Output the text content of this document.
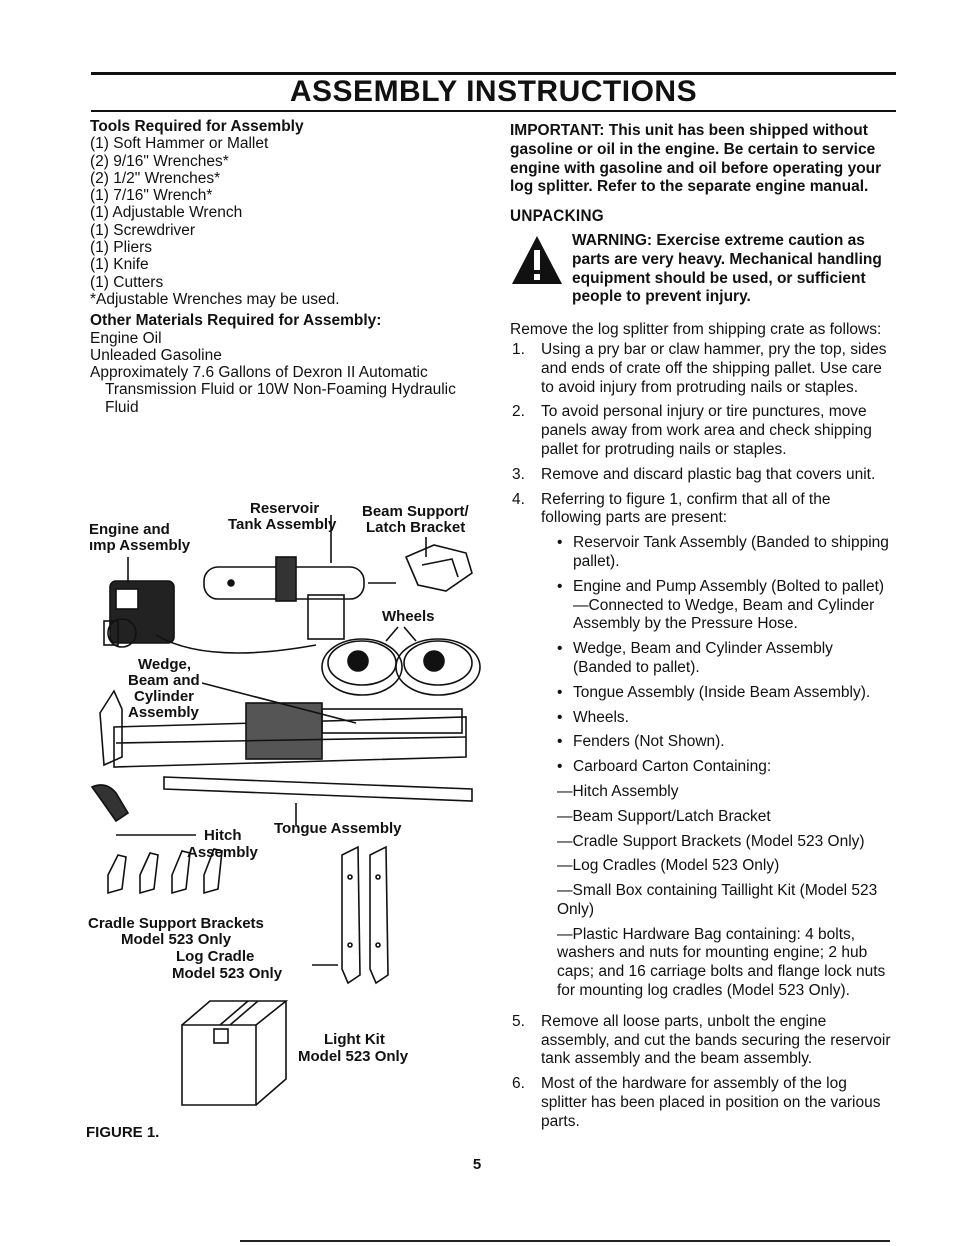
ASSEMBLY INSTRUCTIONS
Tools Required for Assembly
(1) Soft Hammer or Mallet
(2) 9/16" Wrenches*
(2) 1/2" Wrenches*
(1) 7/16" Wrench*
(1) Adjustable Wrench
(1) Screwdriver
(1) Pliers
(1) Knife
(1) Cutters
*Adjustable Wrenches may be used.
Other Materials Required for Assembly:
Engine Oil
Unleaded Gasoline
Approximately 7.6 Gallons of Dexron II Automatic
Transmission Fluid or 10W Non-Foaming Hydraulic
Fluid
Reservoir
Tank Assembly
Beam Support/
Latch Bracket
Engine and
ımp Assembly
Wheels
Wedge,
Beam and
Cylinder
Assembly
Hitch
Assembly
Tongue Assembly
Cradle Support Brackets
Model 523 Only
Log Cradle
Model 523 Only
Light Kit
Model 523 Only
FIGURE 1.

IMPORTANT: This unit has been shipped without gasoline or oil in the engine. Be certain to service engine with gasoline and oil before operating your log splitter. Refer to the separate engine manual.

UNPACKING
WARNING: Exercise extreme caution as parts are very heavy. Mechanical handling equipment should be used, or sufficient people to prevent injury.

Remove the log splitter from shipping crate as follows:

1.	Using a pry bar or claw hammer, pry the top, sides and ends of crate off the shipping pallet. Use care to avoid injury from protruding nails or staples.
2.	To avoid personal injury or tire punctures, move panels away from work area and check shipping pallet for protruding nails or staples.
3.	Remove and discard plastic bag that covers unit.
4.	Referring to figure 1, confirm that all of the following parts are present:
• Reservoir Tank Assembly (Banded to shipping pallet).
• Engine and Pump Assembly (Bolted to pallet)—Connected to Wedge, Beam and Cylinder Assembly by the Pressure Hose.
• Wedge, Beam and Cylinder Assembly (Banded to pallet).
• Tongue Assembly (Inside Beam Assembly).
• Wheels.
• Fenders (Not Shown).
• Carboard Carton Containing:
—Hitch Assembly
—Beam Support/Latch Bracket
—Cradle Support Brackets (Model 523 Only)
—Log Cradles (Model 523 Only)
—Small Box containing Taillight Kit (Model 523 Only)
—Plastic Hardware Bag containing: 4 bolts, washers and nuts for mounting engine; 2 hub caps; and 16 carriage bolts and flange lock nuts for mounting log cradles (Model 523 Only).
5.	Remove all loose parts, unbolt the engine assembly, and cut the bands securing the reservoir tank assembly and the beam assembly.
6.	Most of the hardware for assembly of the log splitter has been placed in position on the various parts.
5
